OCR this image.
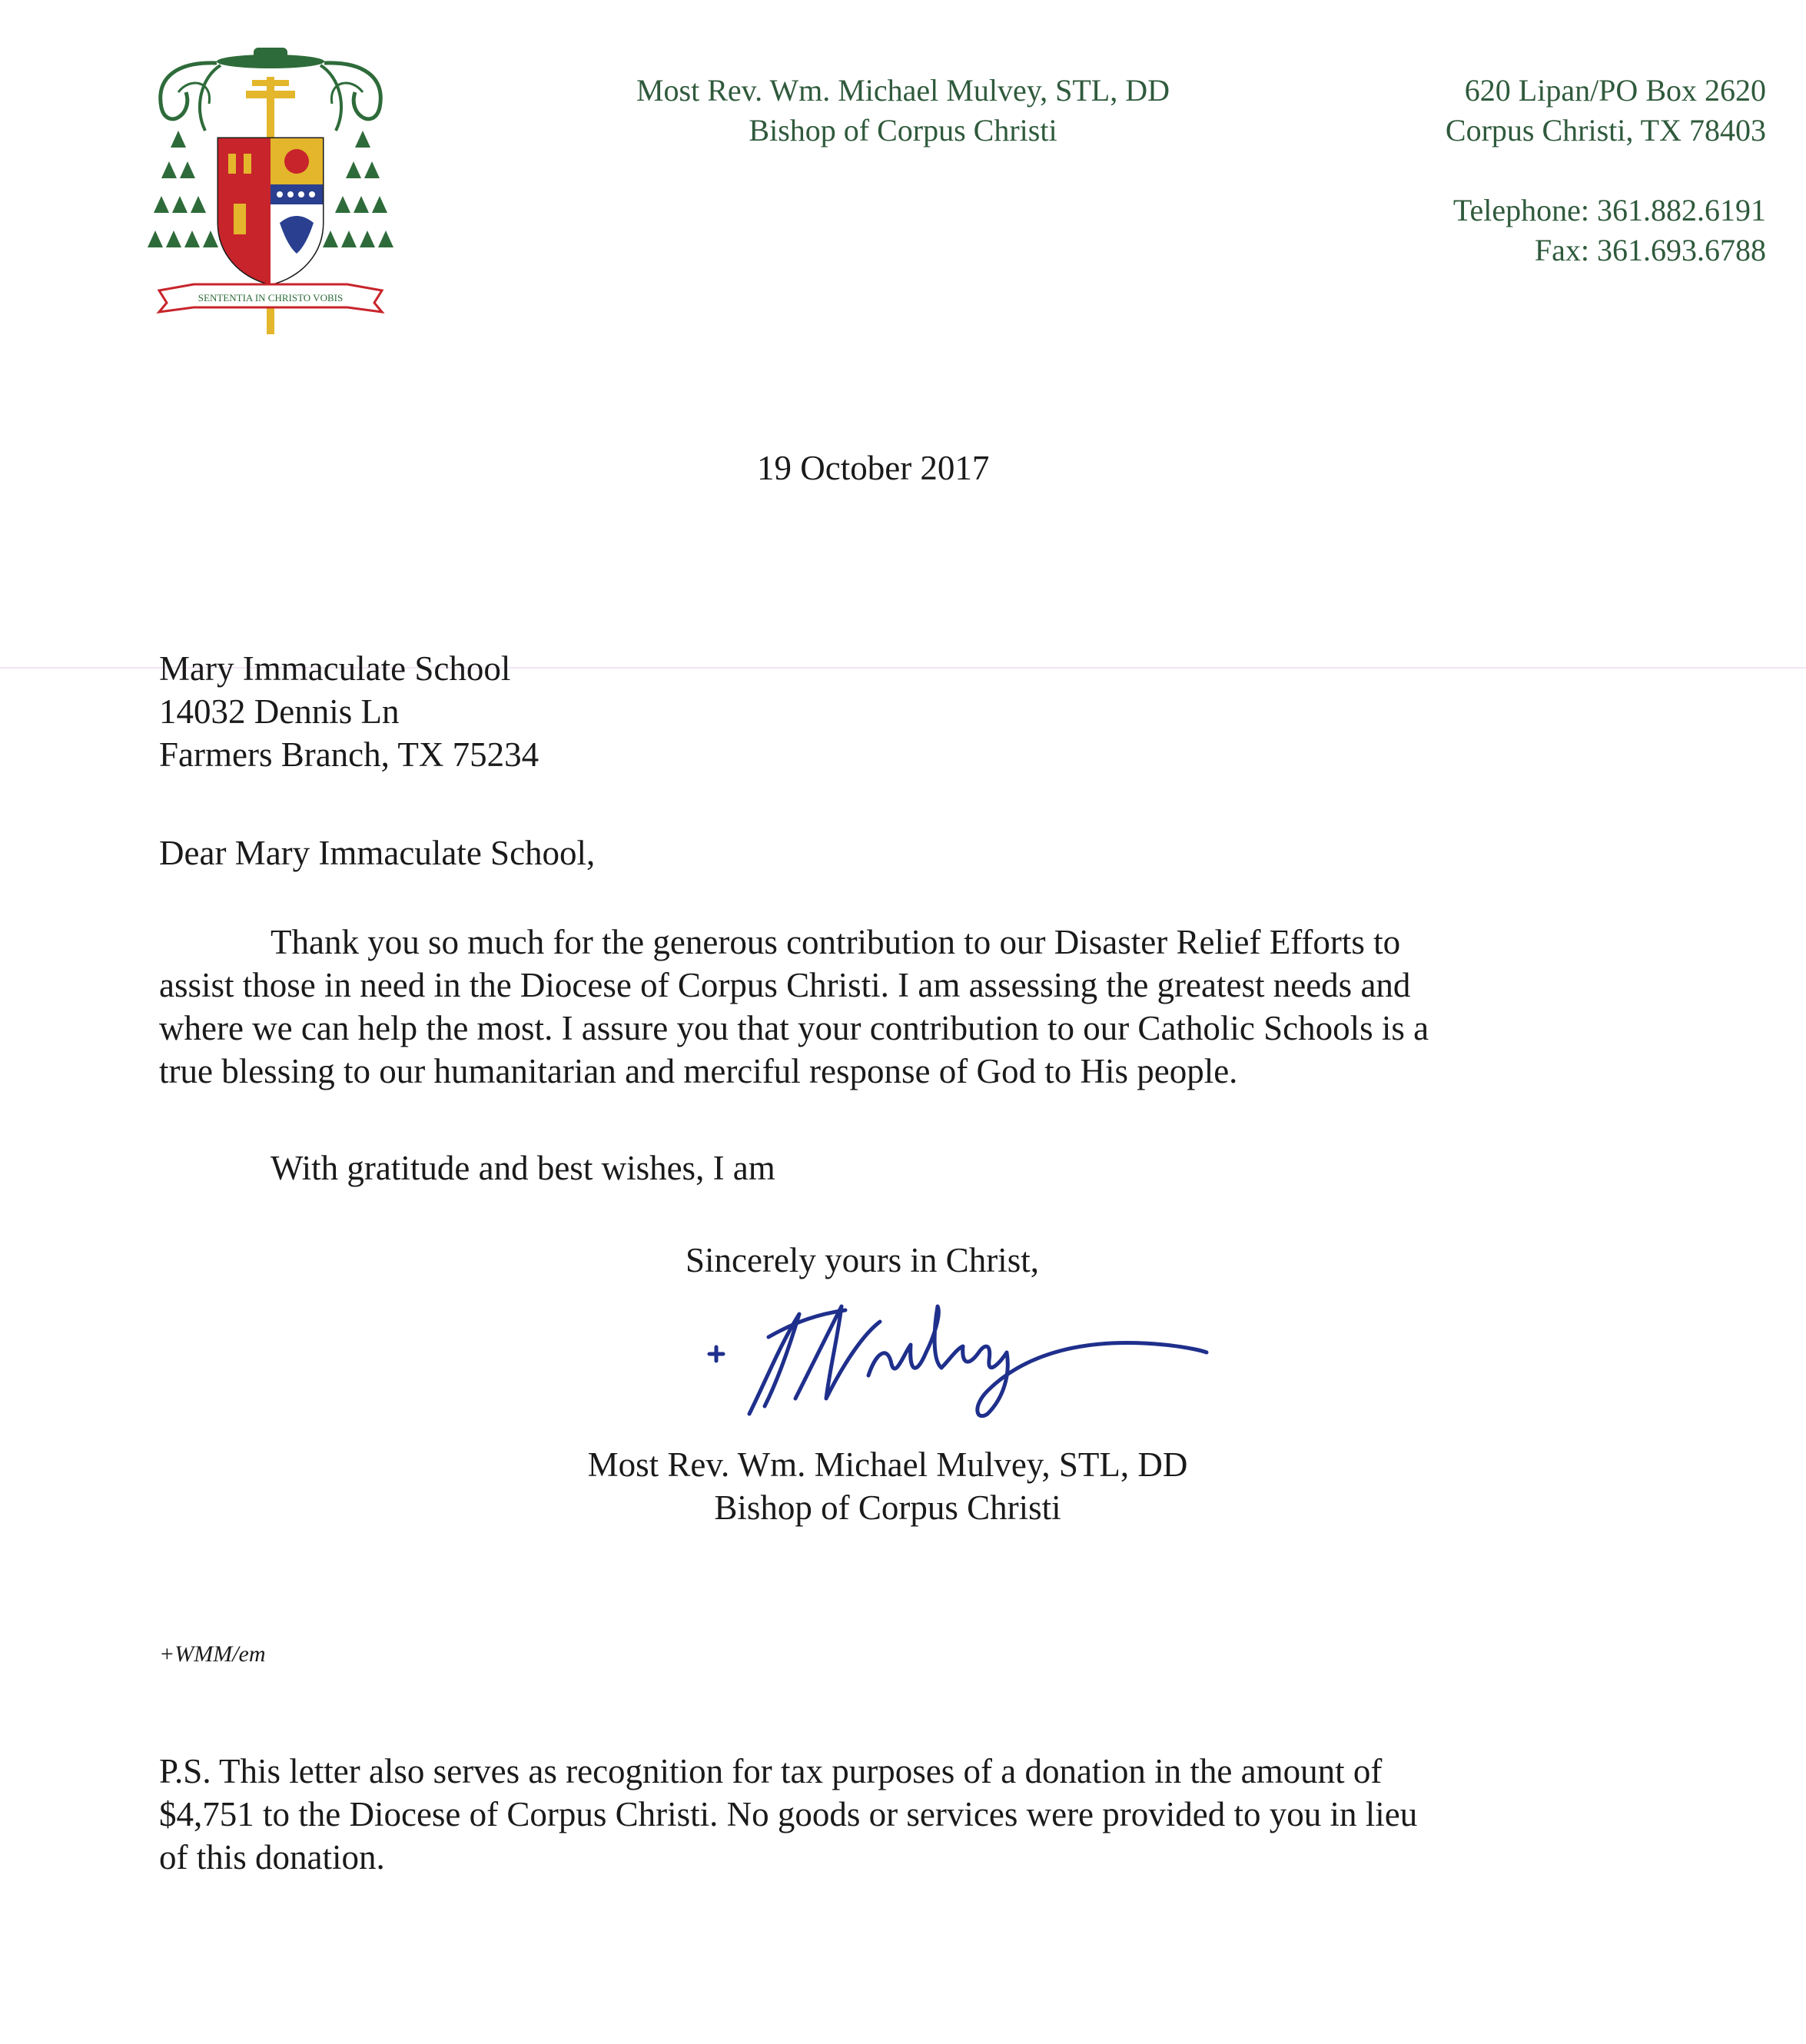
SENTENTIA IN CHRISTO VOBIS
Most Rev. Wm. Michael Mulvey, STL, DD
Bishop of Corpus Christi
620 Lipan/PO Box 2620
Corpus Christi, TX 78403
Telephone: 361.882.6191
Fax: 361.693.6788
19 October 2017
Mary Immaculate School
14032 Dennis Ln
Farmers Branch, TX 75234
Dear Mary Immaculate School,
Thank you so much for the generous contribution to our Disaster Relief Efforts to
assist those in need in the Diocese of Corpus Christi. I am assessing the greatest needs and
where we can help the most. I assure you that your contribution to our Catholic Schools is a
true blessing to our humanitarian and merciful response of God to His people.
With gratitude and best wishes, I am
Sincerely yours in Christ,
Most Rev. Wm. Michael Mulvey, STL, DD
Bishop of Corpus Christi
+WMM/em
P.S. This letter also serves as recognition for tax purposes of a donation in the amount of
$4,751 to the Diocese of Corpus Christi. No goods or services were provided to you in lieu
of this donation.
